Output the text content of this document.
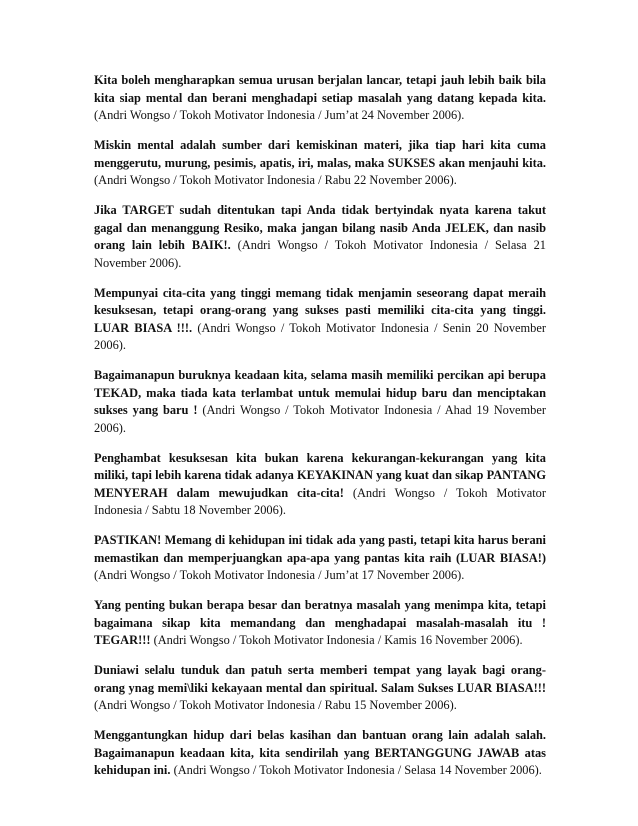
Kita boleh mengharapkan semua urusan berjalan lancar, tetapi jauh lebih baik bila kita siap mental dan berani menghadapi setiap masalah yang datang kepada kita. (Andri Wongso / Tokoh Motivator Indonesia / Jum’at 24 November 2006).

Miskin mental adalah sumber dari kemiskinan materi, jika tiap hari kita cuma menggerutu, murung, pesimis, apatis, iri, malas, maka SUKSES akan menjauhi kita. (Andri Wongso / Tokoh Motivator Indonesia / Rabu 22 November 2006).

Jika TARGET sudah ditentukan tapi Anda tidak bertyindak nyata karena takut gagal dan menanggung Resiko, maka jangan bilang nasib Anda JELEK, dan nasib orang lain lebih BAIK!. (Andri Wongso / Tokoh Motivator Indonesia / Selasa 21 November 2006).

Mempunyai cita-cita yang tinggi memang tidak menjamin seseorang dapat meraih kesuksesan, tetapi orang-orang yang sukses pasti memiliki cita-cita yang tinggi. LUAR BIASA !!!. (Andri Wongso / Tokoh Motivator Indonesia / Senin 20 November 2006).

Bagaimanapun buruknya keadaan kita, selama masih memiliki percikan api berupa TEKAD, maka tiada kata terlambat untuk memulai hidup baru dan menciptakan sukses yang baru ! (Andri Wongso / Tokoh Motivator Indonesia / Ahad 19 November 2006).

Penghambat kesuksesan kita bukan karena kekurangan-kekurangan yang kita miliki, tapi lebih karena tidak adanya KEYAKINAN yang kuat dan sikap PANTANG MENYERAH dalam mewujudkan cita-cita! (Andri Wongso / Tokoh Motivator Indonesia / Sabtu 18 November 2006).

PASTIKAN! Memang di kehidupan ini tidak ada yang pasti, tetapi kita harus berani memastikan dan memperjuangkan apa-apa yang pantas kita raih (LUAR BIASA!) (Andri Wongso / Tokoh Motivator Indonesia / Jum’at 17 November 2006).

Yang penting bukan berapa besar dan beratnya masalah yang menimpa kita, tetapi bagaimana sikap kita memandang dan menghadapai masalah-masalah itu ! TEGAR!!! (Andri Wongso / Tokoh Motivator Indonesia / Kamis 16 November 2006).

Duniawi selalu tunduk dan patuh serta memberi tempat yang layak bagi orang-orang ynag memi\liki kekayaan mental dan spiritual. Salam Sukses LUAR BIASA!!! (Andri Wongso / Tokoh Motivator Indonesia / Rabu 15 November 2006).

Menggantungkan hidup dari belas kasihan dan bantuan orang lain adalah salah. Bagaimanapun keadaan kita, kita sendirilah yang BERTANGGUNG JAWAB atas kehidupan ini. (Andri Wongso / Tokoh Motivator Indonesia / Selasa 14 November 2006).
